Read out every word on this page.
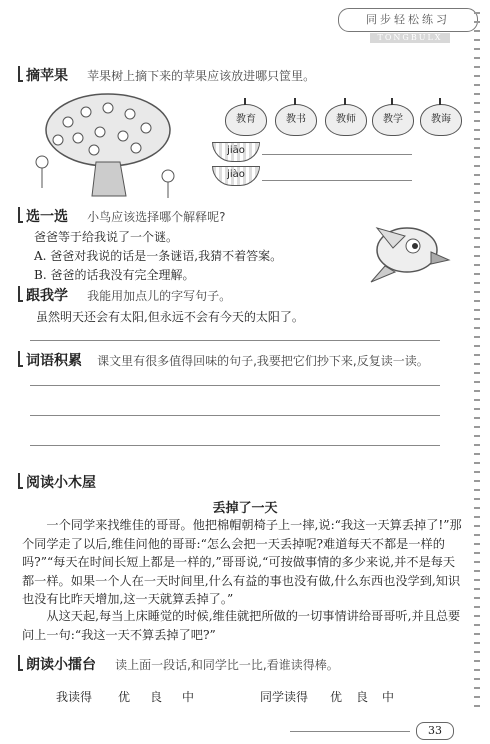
同步轻松练习
TONGBULX
摘苹果 苹果树上摘下来的苹果应该放进哪只筐里。
教育	教书	教师	教学	教诲
jiāo
jiào
选一选 小鸟应该选择哪个解释呢?
爸爸等于给我说了一个谜。
A. 爸爸对我说的话是一条谜语,我猜不着答案。
B. 爸爸的话我没有完全理解。
跟我学 我能用加点儿的字写句子。
虽然明天还会有太阳,但永远不会有今天的太阳了。
词语积累 课文里有很多值得回味的句子,我要把它们抄下来,反复读一读。
阅读小木屋
丢掉了一天
一个同学来找维佳的哥哥。他把棉帽朝椅子上一摔,说:“我这一天算丢掉了!”那个同学走了以后,维佳问他的哥哥:“怎么会把一天丢掉呢?难道每天不都是一样的吗?”“每天在时间长短上都是一样的,”哥哥说,“可按做事情的多少来说,并不是每天都一样。如果一个人在一天时间里,什么有益的事也没有做,什么东西也没学到,知识也没有比昨天增加,这一天就算丢掉了。”
从这天起,每当上床睡觉的时候,维佳就把所做的一切事情讲给哥哥听,并且总要问上一句:“我这一天不算丢掉了吧?”
朗读小擂台 读上面一段话,和同学比一比,看谁读得棒。
我读得 优 良 中	同学读得 优 良 中
33
